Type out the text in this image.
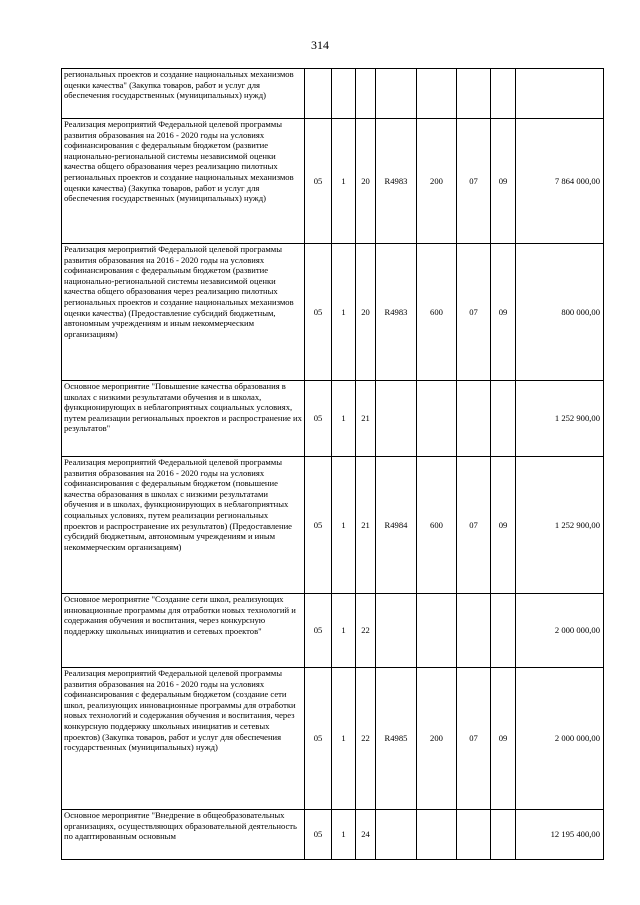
314
региональных проектов и создание национальных механизмов оценки качества" (Закупка товаров, работ и услуг для обеспечения государственных (муниципальных) нужд)								
Реализация мероприятий Федеральной целевой программы развития образования на 2016 - 2020 годы на условиях софинансирования с федеральным бюджетом (развитие национально-региональной системы независимой оценки качества общего образования через реализацию пилотных региональных проектов и создание национальных механизмов оценки качества) (Закупка товаров, работ и услуг для обеспечения государственных (муниципальных) нужд)	05	1	20	R4983	200	07	09	7 864 000,00
Реализация мероприятий Федеральной целевой программы развития образования на 2016 - 2020 годы на условиях софинансирования с федеральным бюджетом (развитие национально-региональной системы независимой оценки качества общего образования через реализацию пилотных региональных проектов и создание национальных механизмов оценки качества) (Предоставление субсидий бюджетным, автономным учреждениям и иным некоммерческим организациям)	05	1	20	R4983	600	07	09	800 000,00
Основное мероприятие "Повышение качества образования в школах с низкими результатами обучения и в школах, функционирующих в неблагоприятных социальных условиях, путем реализации региональных проектов и распространение их результатов"	05	1	21					1 252 900,00
Реализация мероприятий Федеральной целевой программы развития образования на 2016 - 2020 годы на условиях софинансирования с федеральным бюджетом (повышение качества образования в школах с низкими результатами обучения и в школах, функционирующих в неблагоприятных социальных условиях, путем реализации региональных проектов и распространение их результатов) (Предоставление субсидий бюджетным, автономным учреждениям и иным некоммерческим организациям)	05	1	21	R4984	600	07	09	1 252 900,00
Основное мероприятие "Создание сети школ, реализующих инновационные программы для отработки новых технологий и содержания обучения и воспитания, через конкурсную поддержку школьных инициатив и сетевых проектов"	05	1	22					2 000 000,00
Реализация мероприятий Федеральной целевой программы развития образования на 2016 - 2020 годы на условиях софинансирования с федеральным бюджетом (создание сети школ, реализующих инновационные программы для отработки новых технологий и содержания обучения и воспитания, через конкурсную поддержку школьных инициатив и сетевых проектов) (Закупка товаров, работ и услуг для обеспечения государственных (муниципальных) нужд)	05	1	22	R4985	200	07	09	2 000 000,00
Основное мероприятие "Внедрение в общеобразовательных организациях, осуществляющих образовательной деятельность по адаптированным основным	05	1	24					12 195 400,00
